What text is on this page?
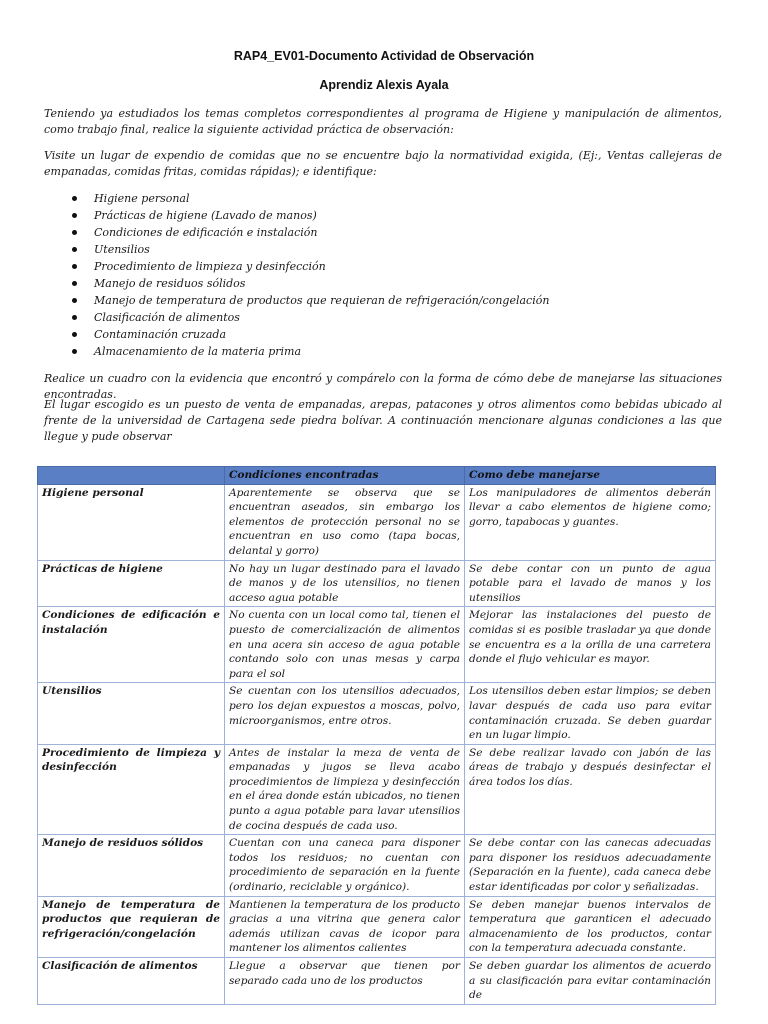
RAP4_EV01-Documento Actividad de Observación
Aprendiz Alexis Ayala
Teniendo ya estudiados los temas completos correspondientes al programa de Higiene y manipulación de alimentos, como trabajo final, realice la siguiente actividad práctica de observación:
Visite un lugar de expendio de comidas que no se encuentre bajo la normatividad exigida, (Ej:, Ventas callejeras de empanadas, comidas fritas, comidas rápidas); e identifique:
Higiene personal
Prácticas de higiene (Lavado de manos)
Condiciones de edificación e instalación
Utensilios
Procedimiento de limpieza y desinfección
Manejo de residuos sólidos
Manejo de temperatura de productos que requieran de refrigeración/congelación
Clasificación de alimentos
Contaminación cruzada
Almacenamiento de la materia prima
Realice un cuadro con la evidencia que encontró y compárelo con la forma de cómo debe de manejarse las situaciones encontradas.
El lugar escogido es un puesto de venta de empanadas, arepas, patacones y otros alimentos como bebidas ubicado al frente de la universidad de Cartagena sede piedra bolívar. A continuación mencionare algunas condiciones a las que llegue y pude observar
	Condiciones encontradas	Como debe manejarse
Higiene personal	Aparentemente se observa que se encuentran aseados, sin embargo los elementos de protección personal no se encuentran en uso como (tapa bocas, delantal y gorro)	Los manipuladores de alimentos deberán llevar a cabo elementos de higiene como; gorro, tapabocas y guantes.
Prácticas de higiene	No hay un lugar destinado para el lavado de manos y de los utensilios, no tienen acceso agua potable	Se debe contar con un punto de agua potable para el lavado de manos y los utensilios
Condiciones de edificación e instalación	No cuenta con un local como tal, tienen el puesto de comercialización de alimentos en una acera sin acceso de agua potable contando solo con unas mesas y carpa para el sol	Mejorar las instalaciones del puesto de comidas si es posible trasladar ya que donde se encuentra es a la orilla de una carretera donde el flujo vehicular es mayor.
Utensilios	Se cuentan con los utensilios adecuados, pero los dejan expuestos a moscas, polvo, microorganismos, entre otros.	Los utensilios deben estar limpios; se deben lavar después de cada uso para evitar contaminación cruzada. Se deben guardar en un lugar limpio.
Procedimiento de limpieza y desinfección	Antes de instalar la meza de venta de empanadas y jugos se lleva acabo procedimientos de limpieza y desinfección en el área donde están ubicados, no tienen punto a agua potable para lavar utensilios de cocina después de cada uso.	Se debe realizar lavado con jabón de las áreas de trabajo y después desinfectar el área todos los días.
Manejo de residuos sólidos	Cuentan con una caneca para disponer todos los residuos; no cuentan con procedimiento de separación en la fuente (ordinario, reciclable y orgánico).	Se debe contar con las canecas adecuadas para disponer los residuos adecuadamente (Separación en la fuente), cada caneca debe estar identificadas por color y señalizadas.
Manejo de temperatura de productos que requieran de refrigeración/congelación	Mantienen la temperatura de los producto gracias a una vitrina que genera calor además utilizan cavas de icopor para mantener los alimentos calientes	Se deben manejar buenos intervalos de temperatura que garanticen el adecuado almacenamiento de los productos, contar con la temperatura adecuada constante.
Clasificación de alimentos	Llegue a observar que tienen por separado cada uno de los productos	Se deben guardar los alimentos de acuerdo a su clasificación para evitar contaminación de
